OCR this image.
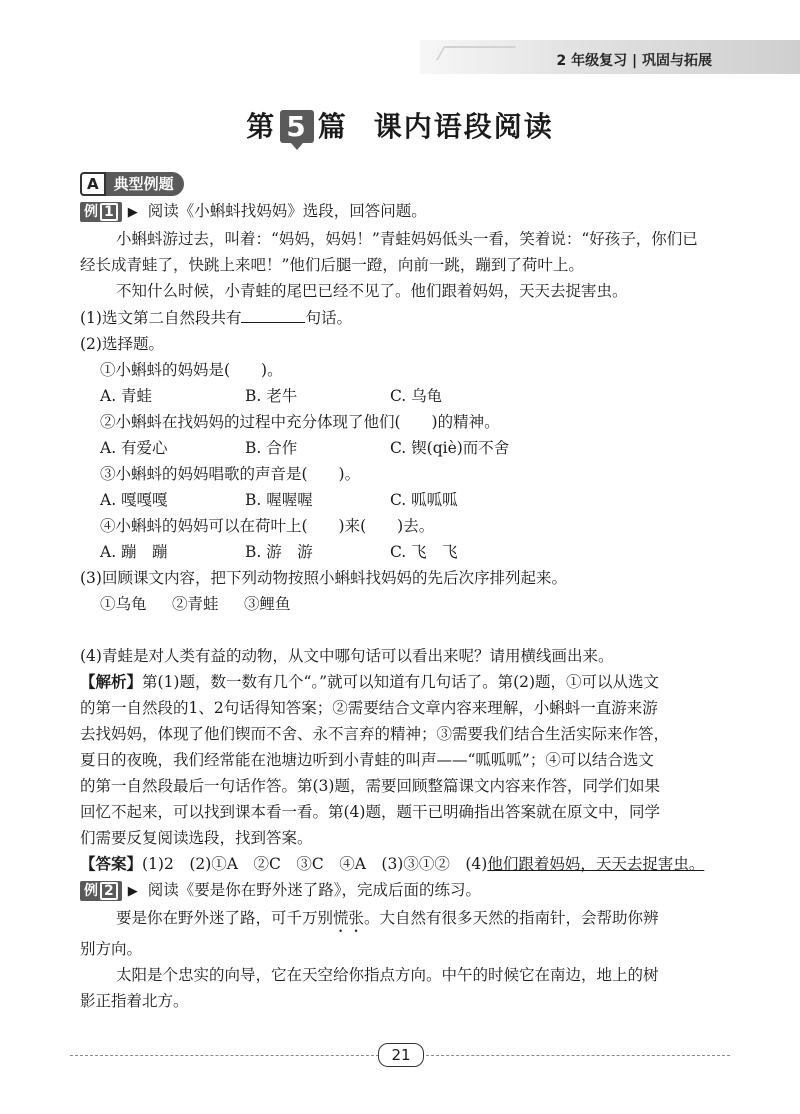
2 年级复习 | 巩固与拓展
第 5 篇 课内语段阅读
A	典型例题
例 1 ▶ 阅读《小蝌蚪找妈妈》选段，回答问题。
小蝌蚪游过去，叫着：“妈妈，妈妈！”青蛙妈妈低头一看，笑着说：“好孩子，你们已
经长成青蛙了，快跳上来吧！”他们后腿一蹬，向前一跳，蹦到了荷叶上。
不知什么时候，小青蛙的尾巴已经不见了。他们跟着妈妈，天天去捉害虫。
(1)选文第二自然段共有	句话。
(2)选择题。
①小蝌蚪的妈妈是(　　)。
A. 青蛙	B. 老牛	C. 乌龟
②小蝌蚪在找妈妈的过程中充分体现了他们(　　)的精神。
A. 有爱心	B. 合作	C. 锲(qiè)而不舍
③小蝌蚪的妈妈唱歌的声音是(　　)。
A. 嘎嘎嘎	B. 喔喔喔	C. 呱呱呱
④小蝌蚪的妈妈可以在荷叶上(　　)来(　　)去。
A. 蹦　蹦	B. 游　游	C. 飞　飞
(3)回顾课文内容，把下列动物按照小蝌蚪找妈妈的先后次序排列起来。
①乌龟	②青蛙	③鲤鱼
(4)青蛙是对人类有益的动物，从文中哪句话可以看出来呢？请用横线画出来。
【解析】第(1)题，数一数有几个“。”就可以知道有几句话了。第(2)题，①可以从选文
的第一自然段的1、2句话得知答案；②需要结合文章内容来理解，小蝌蚪一直游来游
去找妈妈，体现了他们锲而不舍、永不言弃的精神；③需要我们结合生活实际来作答，
夏日的夜晚，我们经常能在池塘边听到小青蛙的叫声——“呱呱呱”；④可以结合选文
的第一自然段最后一句话作答。第(3)题，需要回顾整篇课文内容来作答，同学们如果
回忆不起来，可以找到课本看一看。第(4)题，题干已明确指出答案就在原文中，同学
们需要反复阅读选段，找到答案。
【答案】(1)2　(2)①A　②C　③C　④A　(3)③①②　(4)他们跟着妈妈，天天去捉害虫。
例 2 ▶ 阅读《要是你在野外迷了路》，完成后面的练习。
要是你在野外迷了路，可千万别慌张。大自然有很多天然的指南针，会帮助你辨
别方向。
太阳是个忠实的向导，它在天空给你指点方向。中午的时候它在南边，地上的树
影正指着北方。
21
